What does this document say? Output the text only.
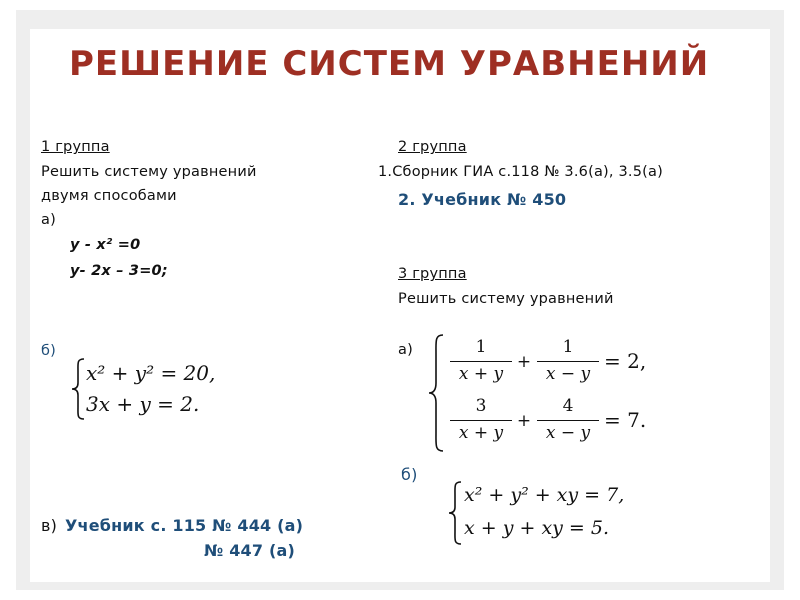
РЕШЕНИЕ СИСТЕМ УРАВНЕНИЙ
1 группа
Решить систему уравнений
двумя способами
а)
y - x² =0
y- 2x – 3=0;
б)
x² + y² = 20,
3x + y = 2.
в) Учебник с. 115 № 444 (а)
№ 447 (а)
2 группа
1.Сборник ГИА с.118 № 3.6(а), 3.5(а)
2. Учебник № 450
3 группа
Решить систему уравнений
а)	1
x + y
+
1
x − y
= 2,
3
x + y
+
4
x − y
= 7.
б)
x² + y² + xy = 7,
x + y + xy = 5.
